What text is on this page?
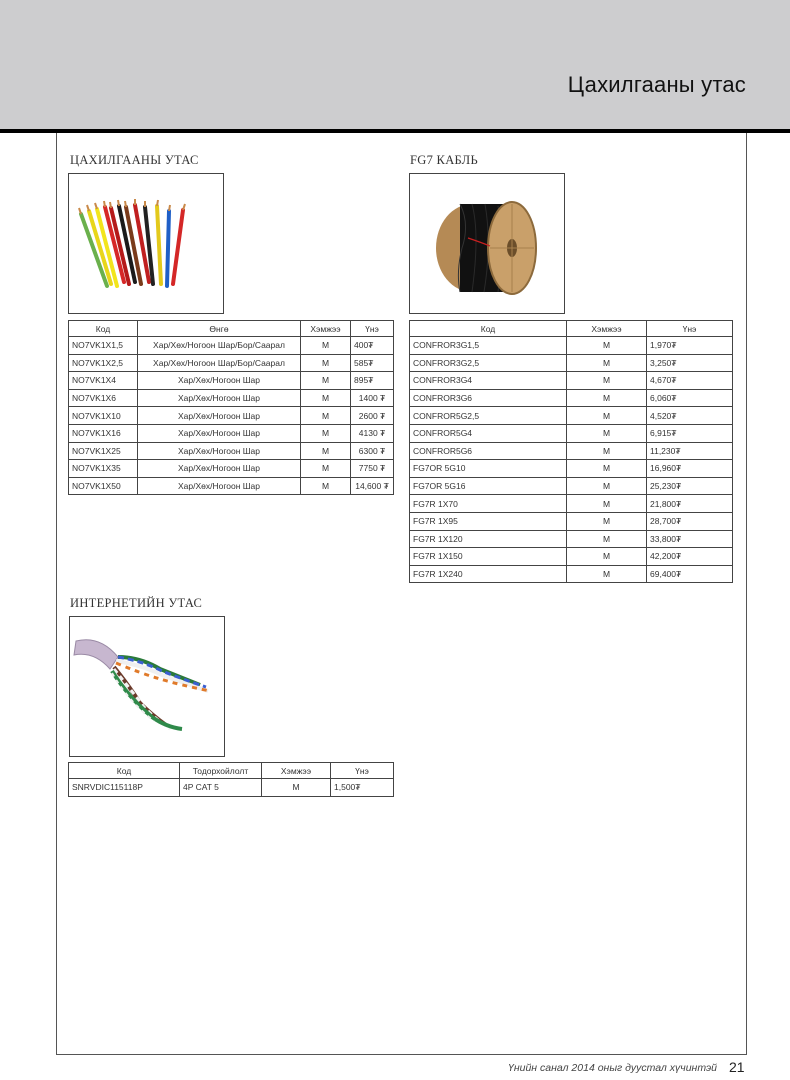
Цахилгааны утас
ЦАХИЛГААНЫ УТАС
Код	Өнгө	Хэмжээ	Үнэ
NO7VK1X1,5	Хар/Хөх/Ногоон Шар/Бор/Саарал	М	400₮
NO7VK1X2,5	Хар/Хөх/Ногоон Шар/Бор/Саарал	М	585₮
NO7VK1X4	Хар/Хөх/Ногоон Шар	М	895₮
NO7VK1X6	Хар/Хөх/Ногоон Шар	М	1400 ₮
NO7VK1X10	Хар/Хөх/Ногоон Шар	М	2600 ₮
NO7VK1X16	Хар/Хөх/Ногоон Шар	М	4130 ₮
NO7VK1X25	Хар/Хөх/Ногоон Шар	М	6300 ₮
NO7VK1X35	Хар/Хөх/Ногоон Шар	М	7750 ₮
NO7VK1X50	Хар/Хөх/Ногоон Шар	М	14,600 ₮
FG7 КАБЛЬ
Код	Хэмжээ	Үнэ
CONFROR3G1,5	М	1,970₮
CONFROR3G2,5	М	3,250₮
CONFROR3G4	М	4,670₮
CONFROR3G6	М	6,060₮
CONFROR5G2,5	М	4,520₮
CONFROR5G4	М	6,915₮
CONFROR5G6	М	11,230₮
FG7OR 5G10	М	16,960₮
FG7OR 5G16	М	25,230₮
FG7R 1X70	М	21,800₮
FG7R 1X95	М	28,700₮
FG7R 1X120	М	33,800₮
FG7R 1X150	М	42,200₮
FG7R 1X240	М	69,400₮
ИНТЕРНЕТИЙН УТАС
Код	Тодорхойлолт	Хэмжээ	Үнэ
SNRVDIC115118P	4P CAT 5	М	1,500₮
Үнийн санал 2014 оныг дуустал хүчинтэй 21
